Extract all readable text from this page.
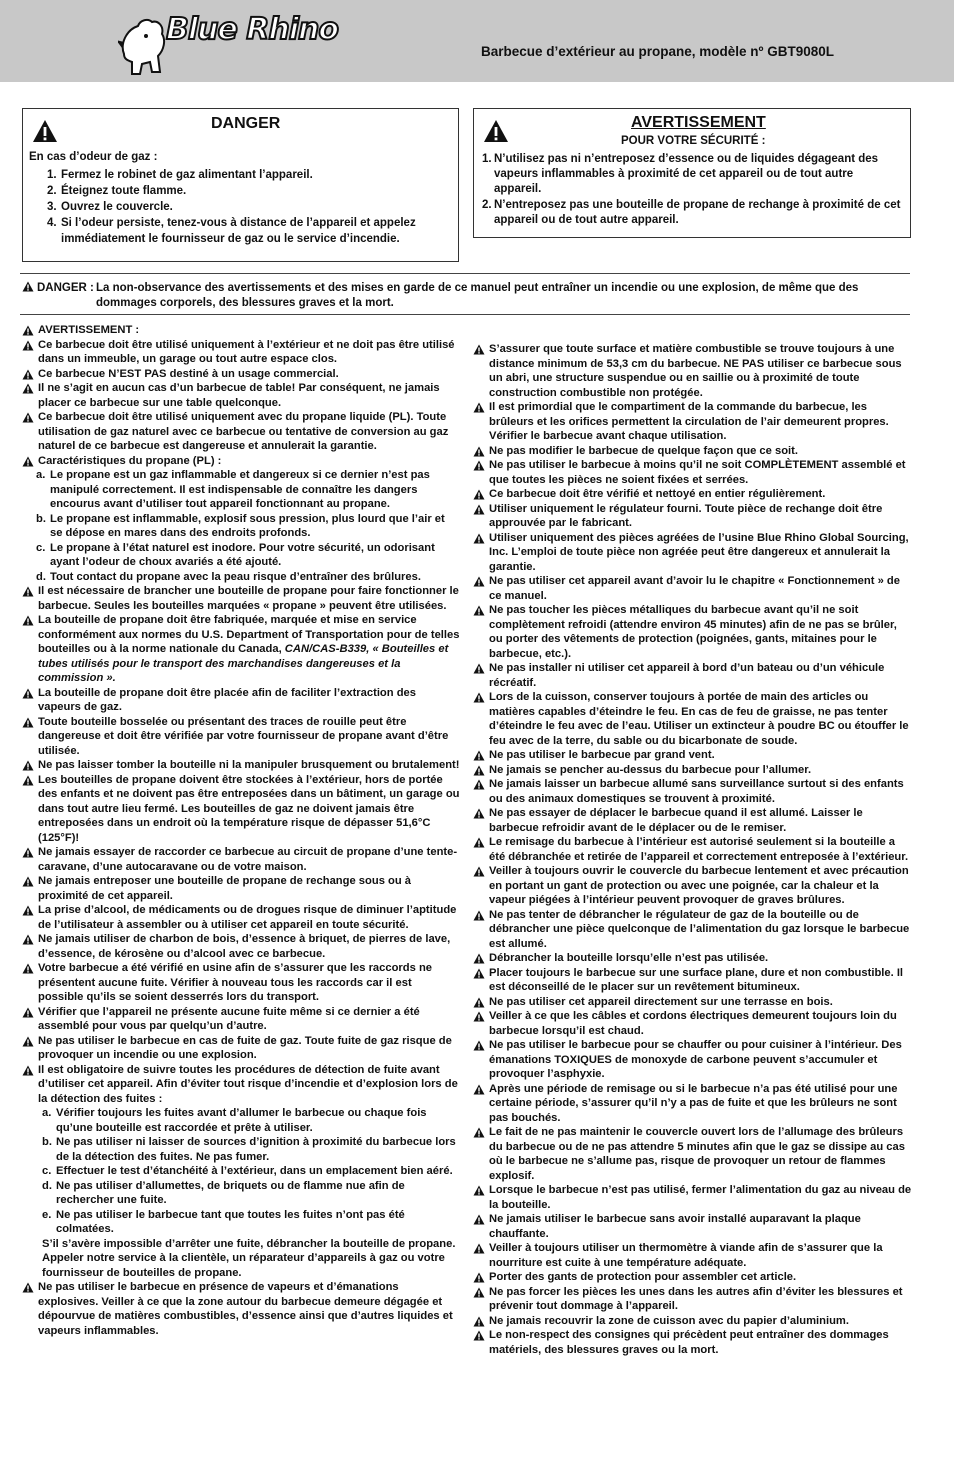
Blue Rhino
Barbecue d’extérieur au propane, modèle nº GBT9080L
DANGER
En cas d’odeur de gaz :
1. Fermez le robinet de gaz alimentant l’appareil.
2. Éteignez toute flamme.
3. Ouvrez le couvercle.
4. Si l’odeur persiste, tenez-vous à distance de l’appareil et appelez immédiatement le fournisseur de gaz ou le service d’incendie.
AVERTISSEMENT
POUR VOTRE SÉCURITÉ :
1. N’utilisez pas ni n’entreposez d’essence ou de liquides dégageant des vapeurs inflammables à proximité de cet appareil ou de tout autre appareil.
2. N’entreposez pas une bouteille de propane de rechange à proximité de cet appareil ou de tout autre appareil.
DANGER : La non-observance des avertissements et des mises en garde de ce manuel peut entraîner un incendie ou une explosion, de même que des dommages corporels, des blessures graves et la mort.
AVERTISSEMENT :
Ce barbecue doit être utilisé uniquement à l’extérieur et ne doit pas être utilisé dans un immeuble, un garage ou tout autre espace clos.
Ce barbecue N’EST PAS destiné à un usage commercial.
Il ne s’agit en aucun cas d’un barbecue de table! Par conséquent, ne jamais placer ce barbecue sur une table quelconque.
Ce barbecue doit être utilisé uniquement avec du propane liquide (PL). Toute utilisation de gaz naturel avec ce barbecue ou tentative de conversion au gaz naturel de ce barbecue est dangereuse et annulerait la garantie.
Caractéristiques du propane (PL) :
a. Le propane est un gaz inflammable et dangereux si ce dernier n’est pas manipulé correctement. Il est indispensable de connaître les dangers encourus avant d’utiliser tout appareil fonctionnant au propane.
b. Le propane est inflammable, explosif sous pression, plus lourd que l’air et se dépose en mares dans des endroits profonds.
c. Le propane à l’état naturel est inodore. Pour votre sécurité, un odorisant ayant l’odeur de choux avariés a été ajouté.
d. Tout contact du propane avec la peau risque d’entraîner des brûlures.
Il est nécessaire de brancher une bouteille de propane pour faire fonctionner le barbecue. Seules les bouteilles marquées « propane » peuvent être utilisées.
La bouteille de propane doit être fabriquée, marquée et mise en service conformément aux normes du U.S. Department of Transportation pour de telles bouteilles ou à la norme nationale du Canada, CAN/CAS-B339, « Bouteilles et tubes utilisés pour le transport des marchandises dangereuses et la commission ».
La bouteille de propane doit être placée afin de faciliter l’extraction des vapeurs de gaz.
Toute bouteille bosselée ou présentant des traces de rouille peut être dangereuse et doit être vérifiée par votre fournisseur de propane avant d’être utilisée.
Ne pas laisser tomber la bouteille ni la manipuler brusquement ou brutalement!
Les bouteilles de propane doivent être stockées à l’extérieur, hors de portée des enfants et ne doivent pas être entreposées dans un bâtiment, un garage ou dans tout autre lieu fermé. Les bouteilles de gaz ne doivent jamais être entreposées dans un endroit où la température risque de dépasser 51,6°C (125°F)!
Ne jamais essayer de raccorder ce barbecue au circuit de propane d’une tente-caravane, d’une autocaravane ou de votre maison.
Ne jamais entreposer une bouteille de propane de rechange sous ou à proximité de cet appareil.
La prise d’alcool, de médicaments ou de drogues risque de diminuer l’aptitude de l’utilisateur à assembler ou à utiliser cet appareil en toute sécurité.
Ne jamais utiliser de charbon de bois, d’essence à briquet, de pierres de lave, d’essence, de kérosène ou d’alcool avec ce barbecue.
Votre barbecue a été vérifié en usine afin de s’assurer que les raccords ne présentent aucune fuite. Vérifier à nouveau tous les raccords car il est possible qu’ils se soient desserrés lors du transport.
Vérifier que l’appareil ne présente aucune fuite même si ce dernier a été assemblé pour vous par quelqu’un d’autre.
Ne pas utiliser le barbecue en cas de fuite de gaz. Toute fuite de gaz risque de provoquer un incendie ou une explosion.
Il est obligatoire de suivre toutes les procédures de détection de fuite avant d’utiliser cet appareil. Afin d’éviter tout risque d’incendie et d’explosion lors de la détection des fuites :
a. Vérifier toujours les fuites avant d’allumer le barbecue ou chaque fois qu’une bouteille est raccordée et prête à utiliser.
b. Ne pas utiliser ni laisser de sources d’ignition à proximité du barbecue lors de la détection des fuites. Ne pas fumer.
c. Effectuer le test d’étanchéité à l’extérieur, dans un emplacement bien aéré.
d. Ne pas utiliser d’allumettes, de briquets ou de flamme nue afin de rechercher une fuite.
e. Ne pas utiliser le barbecue tant que toutes les fuites n’ont pas été colmatées.
S’il s’avère impossible d’arrêter une fuite, débrancher la bouteille de propane. Appeler notre service à la clientèle, un réparateur d’appareils à gaz ou votre fournisseur de bouteilles de propane.
Ne pas utiliser le barbecue en présence de vapeurs et d’émanations explosives. Veiller à ce que la zone autour du barbecue demeure dégagée et dépourvue de matières combustibles, d’essence ainsi que d’autres liquides et vapeurs inflammables.
S’assurer que toute surface et matière combustible se trouve toujours à une distance minimum de 53,3 cm du barbecue. NE PAS utiliser ce barbecue sous un abri, une structure suspendue ou en saillie ou à proximité de toute construction combustible non protégée.
Il est primordial que le compartiment de la commande du barbecue, les brûleurs et les orifices permettent la circulation de l’air demeurent propres. Vérifier le barbecue avant chaque utilisation.
Ne pas modifier le barbecue de quelque façon que ce soit.
Ne pas utiliser le barbecue à moins qu’il ne soit COMPLÈTEMENT assemblé et que toutes les pièces ne soient fixées et serrées.
Ce barbecue doit être vérifié et nettoyé en entier régulièrement.
Utiliser uniquement le régulateur fourni. Toute pièce de rechange doit être approuvée par le fabricant.
Utiliser uniquement des pièces agréées de l’usine Blue Rhino Global Sourcing, Inc. L’emploi de toute pièce non agréée peut être dangereux et annulerait la garantie.
Ne pas utiliser cet appareil avant d’avoir lu le chapitre « Fonctionnement » de ce manuel.
Ne pas toucher les pièces métalliques du barbecue avant qu’il ne soit complètement refroidi (attendre environ 45 minutes) afin de ne pas se brûler, ou porter des vêtements de protection (poignées, gants, mitaines pour le barbecue, etc.).
Ne pas installer ni utiliser cet appareil à bord d’un bateau ou d’un véhicule récréatif.
Lors de la cuisson, conserver toujours à portée de main des articles ou matières capables d’éteindre le feu. En cas de feu de graisse, ne pas tenter d’éteindre le feu avec de l’eau. Utiliser un extincteur à poudre BC ou étouffer le feu avec de la terre, du sable ou du bicarbonate de soude.
Ne pas utiliser le barbecue par grand vent.
Ne jamais se pencher au-dessus du barbecue pour l’allumer.
Ne jamais laisser un barbecue allumé sans surveillance surtout si des enfants ou des animaux domestiques se trouvent à proximité.
Ne pas essayer de déplacer le barbecue quand il est allumé. Laisser le barbecue refroidir avant de le déplacer ou de le remiser.
Le remisage du barbecue à l’intérieur est autorisé seulement si la bouteille a été débranchée et retirée de l’appareil et correctement entreposée à l’extérieur.
Veiller à toujours ouvrir le couvercle du barbecue lentement et avec précaution en portant un gant de protection ou avec une poignée, car la chaleur et la vapeur piégées à l’intérieur peuvent provoquer de graves brûlures.
Ne pas tenter de débrancher le régulateur de gaz de la bouteille ou de débrancher une pièce quelconque de l’alimentation du gaz lorsque le barbecue est allumé.
Débrancher la bouteille lorsqu’elle n’est pas utilisée.
Placer toujours le barbecue sur une surface plane, dure et non combustible. Il est déconseillé de le placer sur un revêtement bitumineux.
Ne pas utiliser cet appareil directement sur une terrasse en bois.
Veiller à ce que les câbles et cordons électriques demeurent toujours loin du barbecue lorsqu’il est chaud.
Ne pas utiliser le barbecue pour se chauffer ou pour cuisiner à l’intérieur. Des émanations TOXIQUES de monoxyde de carbone peuvent s’accumuler et provoquer l’asphyxie.
Après une période de remisage ou si le barbecue n’a pas été utilisé pour une certaine période, s’assurer qu’il n’y a pas de fuite et que les brûleurs ne sont pas bouchés.
Le fait de ne pas maintenir le couvercle ouvert lors de l’allumage des brûleurs du barbecue ou de ne pas attendre 5 minutes afin que le gaz se dissipe au cas où le barbecue ne s’allume pas, risque de provoquer un retour de flammes explosif.
Lorsque le barbecue n’est pas utilisé, fermer l’alimentation du gaz au niveau de la bouteille.
Ne jamais utiliser le barbecue sans avoir installé auparavant la plaque chauffante.
Veiller à toujours utiliser un thermomètre à viande afin de s’assurer que la nourriture est cuite à une température adéquate.
Porter des gants de protection pour assembler cet article.
Ne pas forcer les pièces les unes dans les autres afin d’éviter les blessures et prévenir tout dommage à l’appareil.
Ne jamais recouvrir la zone de cuisson avec du papier d’aluminium.
Le non-respect des consignes qui précèdent peut entraîner des dommages matériels, des blessures graves ou la mort.
